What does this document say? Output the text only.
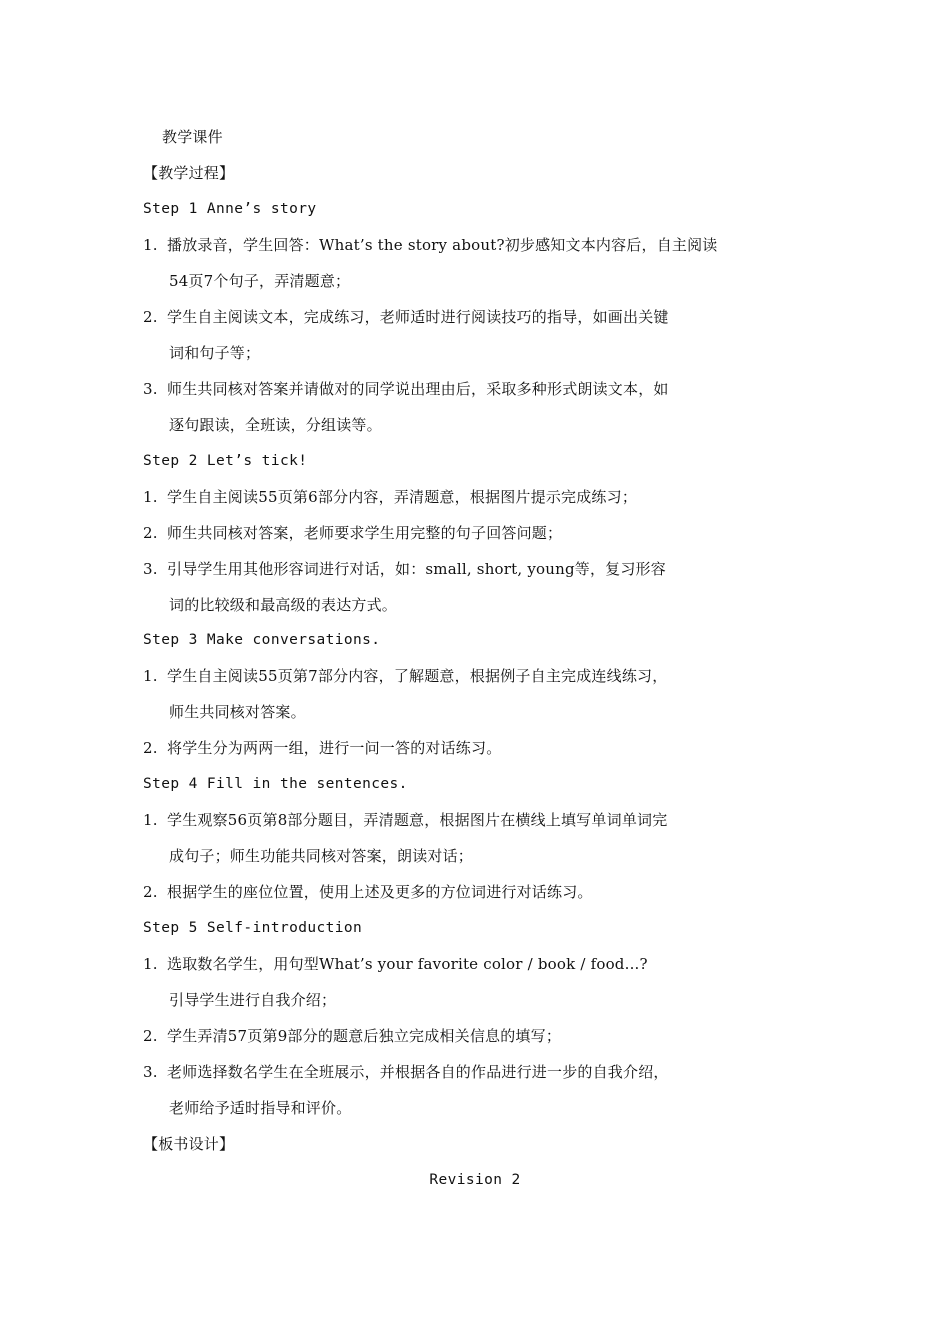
教学课件
【教学过程】
Step 1 Anne’s story
1. 播放录音，学生回答：What’s the story about?初步感知文本内容后，自主阅读
54页7个句子，弄清题意；
2. 学生自主阅读文本，完成练习，老师适时进行阅读技巧的指导，如画出关键
词和句子等；
3. 师生共同核对答案并请做对的同学说出理由后，采取多种形式朗读文本，如
逐句跟读，全班读，分组读等。
Step 2 Let’s tick!
1. 学生自主阅读55页第6部分内容，弄清题意，根据图片提示完成练习；
2. 师生共同核对答案，老师要求学生用完整的句子回答问题；
3. 引导学生用其他形容词进行对话，如：small, short, young等，复习形容
词的比较级和最高级的表达方式。
Step 3 Make conversations.
1. 学生自主阅读55页第7部分内容，了解题意，根据例子自主完成连线练习，
师生共同核对答案。
2. 将学生分为两两一组，进行一问一答的对话练习。
Step 4 Fill in the sentences.
1. 学生观察56页第8部分题目，弄清题意，根据图片在横线上填写单词单词完
成句子；师生功能共同核对答案，朗读对话；
2. 根据学生的座位位置，使用上述及更多的方位词进行对话练习。
Step 5 Self-introduction
1. 选取数名学生，用句型What’s your favorite color / book / food...?
引导学生进行自我介绍；
2. 学生弄清57页第9部分的题意后独立完成相关信息的填写；
3. 老师选择数名学生在全班展示，并根据各自的作品进行进一步的自我介绍，
老师给予适时指导和评价。
【板书设计】
Revision 2
